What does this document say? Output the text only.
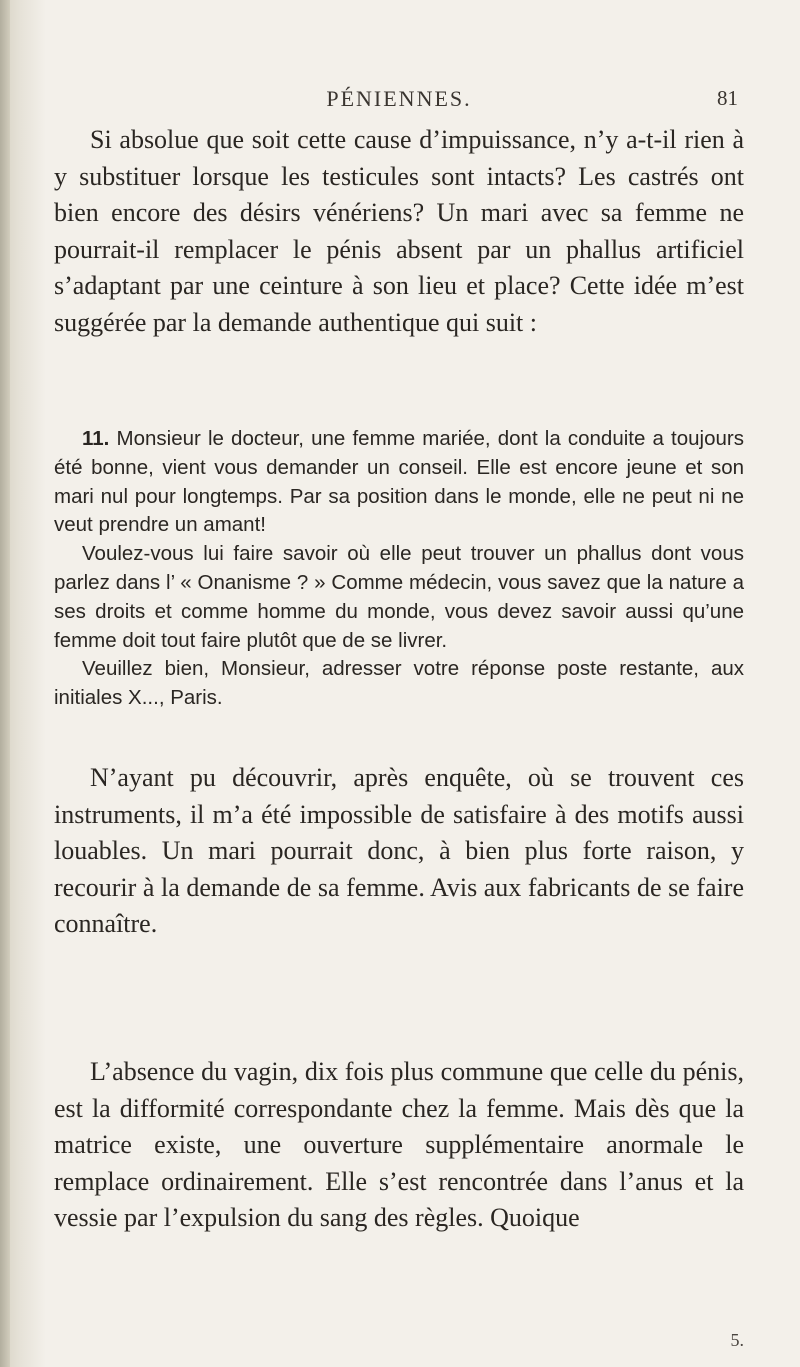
PÉNIENNES.	81

Si absolue que soit cette cause d’impuissance, n’y a-t-il rien à y substituer lorsque les testicules sont intacts? Les castrés ont bien encore des désirs vénériens? Un mari avec sa femme ne pourrait-il remplacer le pénis absent par un phallus artificiel s’adaptant par une ceinture à son lieu et place? Cette idée m’est suggérée par la demande authentique qui suit :

11. Monsieur le docteur, une femme mariée, dont la conduite a toujours été bonne, vient vous demander un conseil. Elle est encore jeune et son mari nul pour longtemps. Par sa position dans le monde, elle ne peut ni ne veut prendre un amant!

Voulez-vous lui faire savoir où elle peut trouver un phallus dont vous parlez dans l’ « Onanisme ? » Comme médecin, vous savez que la nature a ses droits et comme homme du monde, vous devez savoir aussi qu’une femme doit tout faire plutôt que de se livrer.

Veuillez bien, Monsieur, adresser votre réponse poste restante, aux initiales X..., Paris.

N’ayant pu découvrir, après enquête, où se trouvent ces instruments, il m’a été impossible de satisfaire à des motifs aussi louables. Un mari pourrait donc, à bien plus forte raison, y recourir à la demande de sa femme. Avis aux fabricants de se faire connaître.

L’absence du vagin, dix fois plus commune que celle du pénis, est la difformité correspondante chez la femme. Mais dès que la matrice existe, une ouverture supplémentaire anormale le remplace ordinairement. Elle s’est rencontrée dans l’anus et la vessie par l’expulsion du sang des règles. Quoique

5.
